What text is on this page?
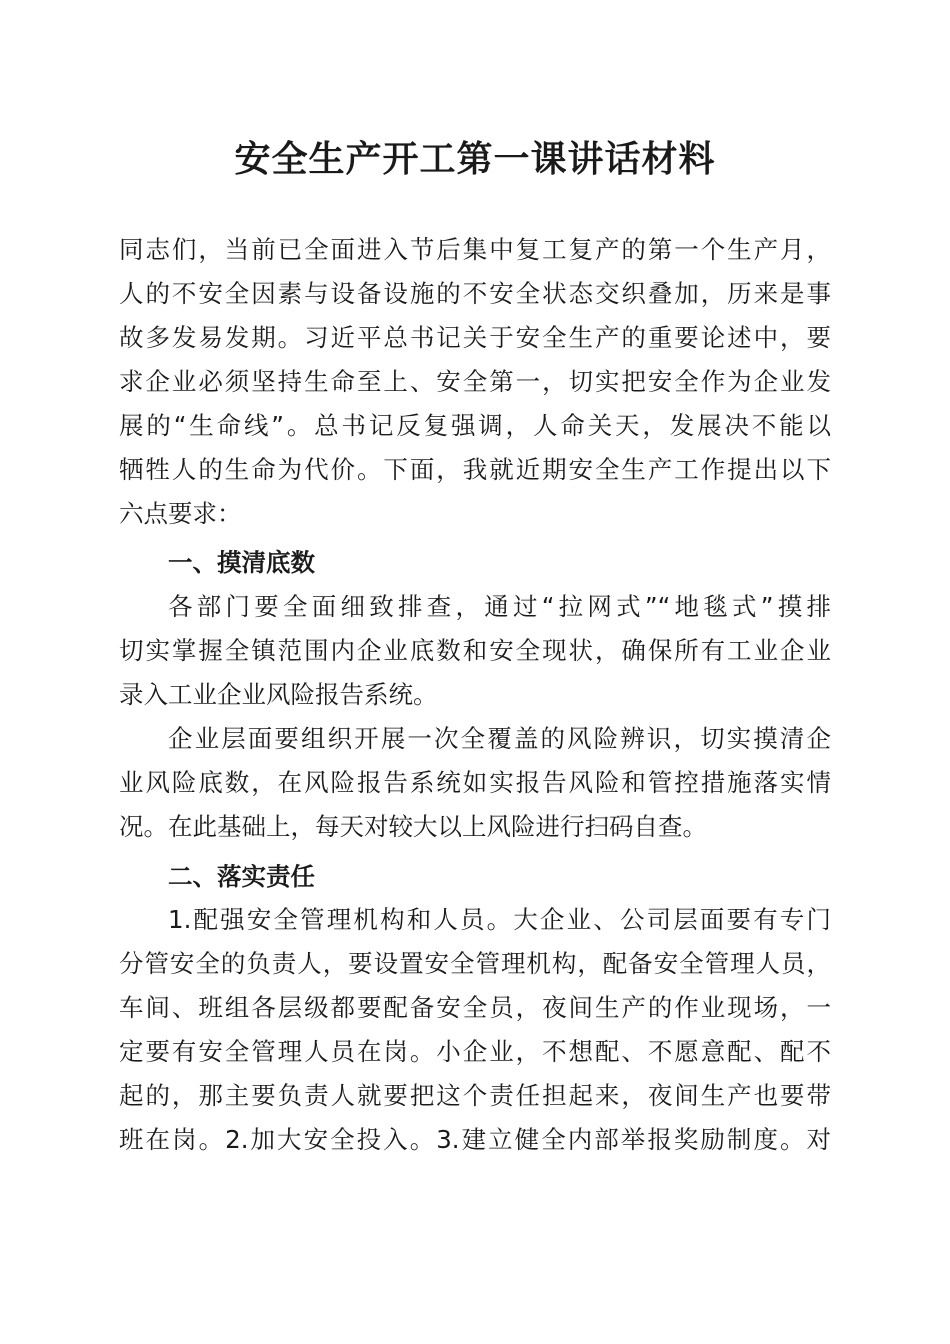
安全生产开工第一课讲话材料

同志们，当前已全面进入节后集中复工复产的第一个生产月，

人的不安全因素与设备设施的不安全状态交织叠加，历来是事

故多发易发期。习近平总书记关于安全生产的重要论述中，要

求企业必须坚持生命至上、安全第一，切实把安全作为企业发

展的“生命线”。总书记反复强调，人命关天，发展决不能以

牺牲人的生命为代价。下面，我就近期安全生产工作提出以下

六点要求：

一、摸清底数

各部门要全面细致排查，通过“拉网式”“地毯式”摸排

切实掌握全镇范围内企业底数和安全现状，确保所有工业企业

录入工业企业风险报告系统。

企业层面要组织开展一次全覆盖的风险辨识，切实摸清企

业风险底数，在风险报告系统如实报告风险和管控措施落实情

况。在此基础上，每天对较大以上风险进行扫码自查。

二、落实责任

1.配强安全管理机构和人员。大企业、公司层面要有专门

分管安全的负责人，要设置安全管理机构，配备安全管理人员，

车间、班组各层级都要配备安全员，夜间生产的作业现场，一

定要有安全管理人员在岗。小企业，不想配、不愿意配、配不

起的，那主要负责人就要把这个责任担起来，夜间生产也要带

班在岗。2.加大安全投入。3.建立健全内部举报奖励制度。对
